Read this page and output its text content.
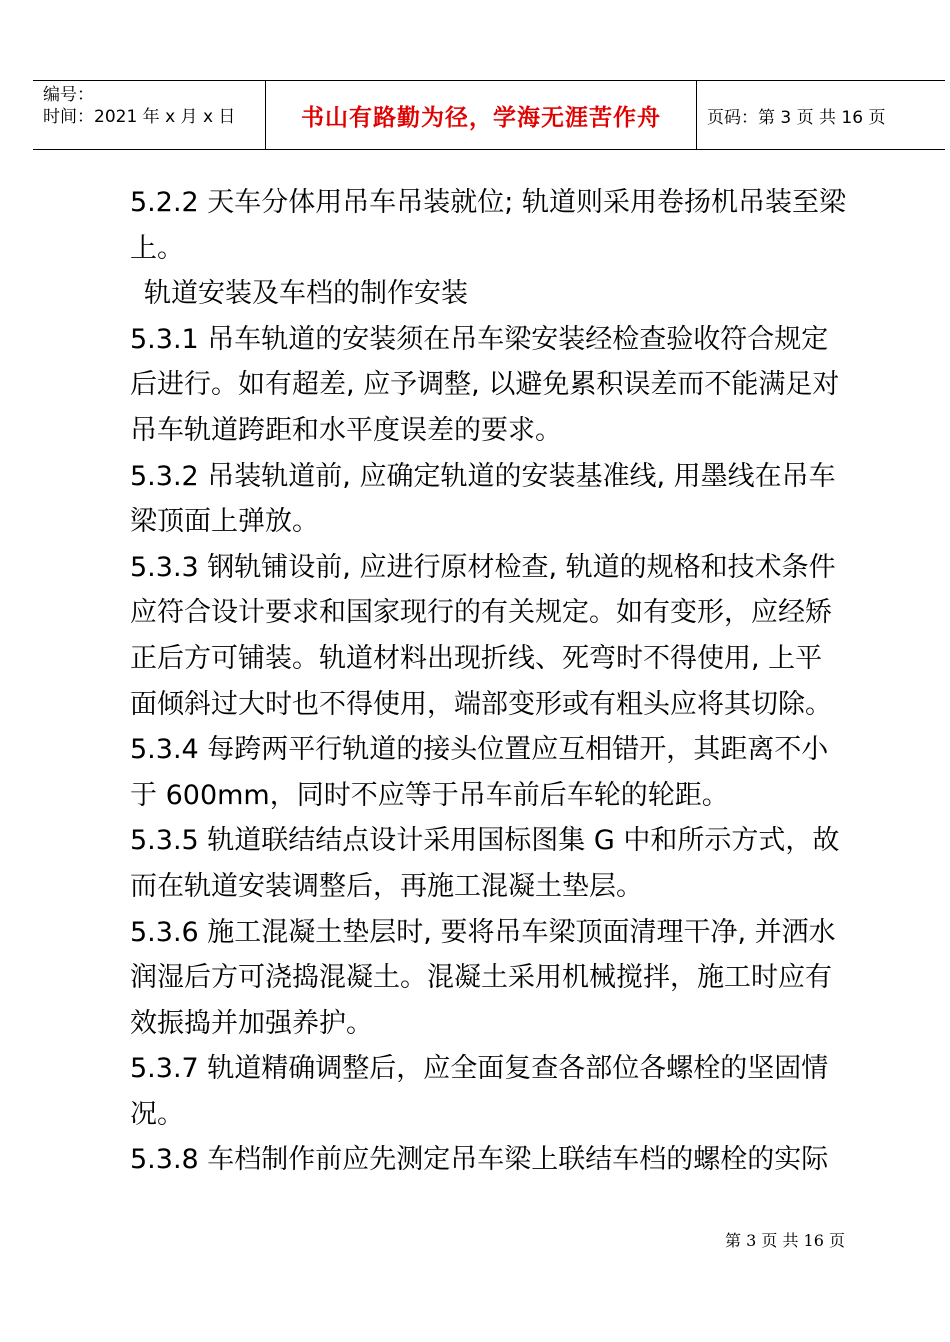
编号：
时间：2021 年 x 月 x 日	书山有路勤为径，学海无涯苦作舟	页码：第 3 页 共 16 页

5.2.2 天车分体用吊车吊装就位; 轨道则采用卷扬机吊装至梁上。

轨道安装及车档的制作安装

5.3.1 吊车轨道的安装须在吊车梁安装经检查验收符合规定后进行。如有超差, 应予调整, 以避免累积误差而不能满足对吊车轨道跨距和水平度误差的要求。

5.3.2 吊装轨道前, 应确定轨道的安装基准线, 用墨线在吊车梁顶面上弹放。

5.3.3 钢轨铺设前, 应进行原材检查, 轨道的规格和技术条件应符合设计要求和国家现行的有关规定。如有变形，应经矫正后方可铺装。轨道材料出现折线、死弯时不得使用, 上平面倾斜过大时也不得使用，端部变形或有粗头应将其切除。

5.3.4 每跨两平行轨道的接头位置应互相错开，其距离不小于 600mm，同时不应等于吊车前后车轮的轮距。

5.3.5 轨道联结结点设计采用国标图集 G 中和所示方式，故而在轨道安装调整后，再施工混凝土垫层。

5.3.6 施工混凝土垫层时, 要将吊车梁顶面清理干净, 并洒水润湿后方可浇捣混凝土。混凝土采用机械搅拌，施工时应有效振捣并加强养护。

5.3.7 轨道精确调整后，应全面复查各部位各螺栓的坚固情况。

5.3.8 车档制作前应先测定吊车梁上联结车档的螺栓的实际

第 3 页 共 16 页
